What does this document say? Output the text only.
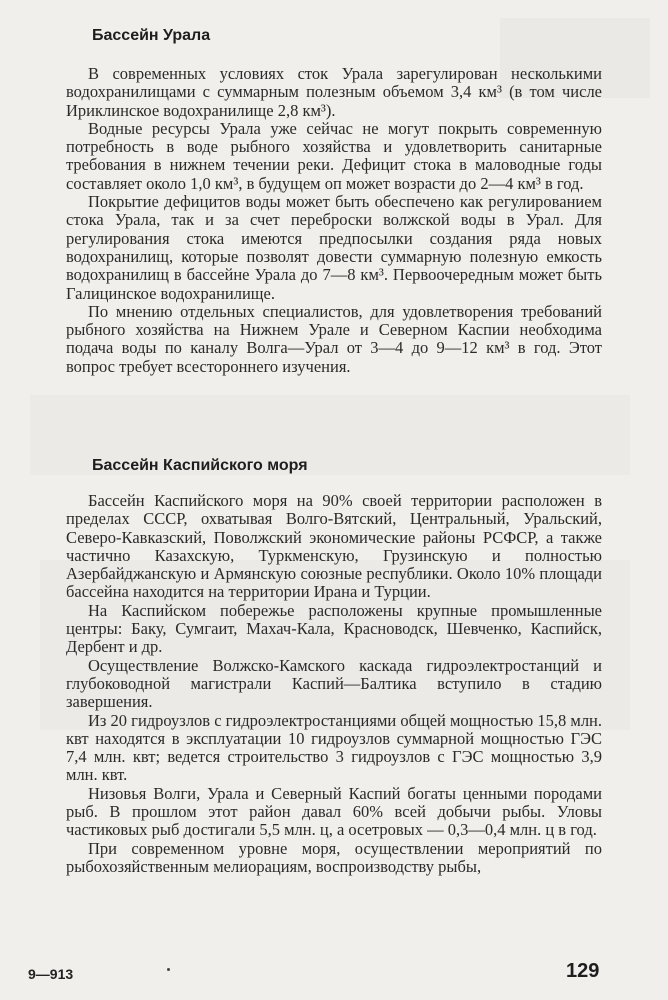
Бассейн Урала

В современных условиях сток Урала зарегулирован несколькими водохранилищами с суммарным полезным объемом 3,4 км³ (в том числе Ириклинское водохранилище 2,8 км³).

Водные ресурсы Урала уже сейчас не могут покрыть современную потребность в воде рыбного хозяйства и удовлетворить санитарные требования в нижнем течении реки. Дефицит стока в маловодные годы составляет около 1,0 км³, в будущем оп может возрасти до 2—4 км³ в год.

Покрытие дефицитов воды может быть обеспечено как регулированием стока Урала, так и за счет переброски волжской воды в Урал. Для регулирования стока имеются предпосылки создания ряда новых водохранилищ, которые позволят довести суммарную полезную емкость водохранилищ в бассейне Урала до 7—8 км³. Первоочередным может быть Галицинское водохранилище.

По мнению отдельных специалистов, для удовлетворения требований рыбного хозяйства на Нижнем Урале и Северном Каспии необходима подача воды по каналу Волга—Урал от 3—4 до 9—12 км³ в год. Этот вопрос требует всестороннего изучения.

Бассейн Каспийского моря

Бассейн Каспийского моря на 90% своей территории расположен в пределах СССР, охватывая Волго-Вятский, Центральный, Уральский, Северо-Кавказский, Поволжский экономические районы РСФСР, а также частично Казахскую, Туркменскую, Грузинскую и полностью Азербайджанскую и Армянскую союзные республики. Около 10% площади бассейна находится на территории Ирана и Турции.

На Каспийском побережье расположены крупные промышленные центры: Баку, Сумгаит, Махач-Кала, Красноводск, Шевченко, Каспийск, Дербент и др.

Осуществление Волжско-Камского каскада гидроэлектростанций и глубоководной магистрали Каспий—Балтика вступило в стадию завершения.

Из 20 гидроузлов с гидроэлектростанциями общей мощностью 15,8 млн. квт находятся в эксплуатации 10 гидроузлов суммарной мощностью ГЭС 7,4 млн. квт; ведется строительство 3 гидроузлов с ГЭС мощностью 3,9 млн. квт.

Низовья Волги, Урала и Северный Каспий богаты ценными породами рыб. В прошлом этот район давал 60% всей добычи рыбы. Уловы частиковых рыб достигали 5,5 млн. ц, а осетровых — 0,3—0,4 млн. ц в год.

При современном уровне моря, осуществлении мероприятий по рыбохозяйственным мелиорациям, воспроизводству рыбы,

9—913	129
